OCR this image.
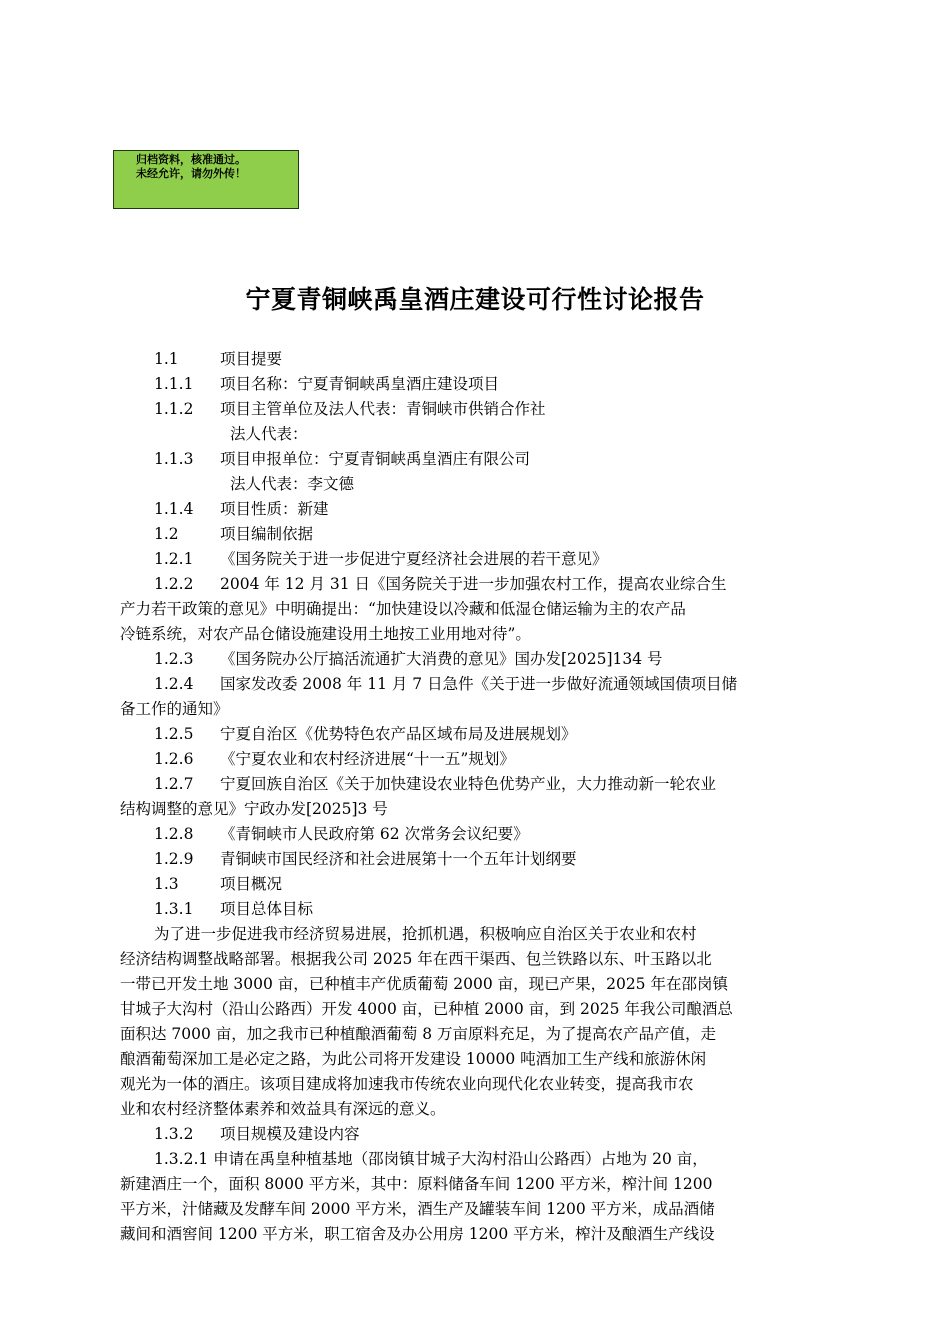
归档资料，核准通过。
未经允许，请勿外传！
宁夏青铜峡禹皇酒庄建设可行性讨论报告
1.1	项目提要
1.1.1 项目名称：宁夏青铜峡禹皇酒庄建设项目
1.1.2 项目主管单位及法人代表：青铜峡市供销合作社
法人代表：
1.1.3 项目申报单位：宁夏青铜峡禹皇酒庄有限公司
法人代表：李文德
1.1.4 项目性质：新建
1.2	项目编制依据
1.2.1 《国务院关于进一步促进宁夏经济社会进展的若干意见》
1.2.2 2004 年 12 月 31 日《国务院关于进一步加强农村工作，提高农业综合生
产力若干政策的意见》中明确提出：“加快建设以冷藏和低湿仓储运输为主的农产品
冷链系统，对农产品仓储设施建设用土地按工业用地对待”。
1.2.3 《国务院办公厅搞活流通扩大消费的意见》国办发[2025]134 号
1.2.4 国家发改委 2008 年 11 月 7 日急件《关于进一步做好流通领域国债项目储
备工作的通知》
1.2.5 宁夏自治区《优势特色农产品区域布局及进展规划》
1.2.6 《宁夏农业和农村经济进展“十一五”规划》
1.2.7 宁夏回族自治区《关于加快建设农业特色优势产业，大力推动新一轮农业
结构调整的意见》宁政办发[2025]3 号
1.2.8 《青铜峡市人民政府第 62 次常务会议纪要》
1.2.9 青铜峡市国民经济和社会进展第十一个五年计划纲要
1.3	项目概况
1.3.1 项目总体目标
为了进一步促进我市经济贸易进展，抢抓机遇，积极响应自治区关于农业和农村
经济结构调整战略部署。根据我公司 2025 年在西干渠西、包兰铁路以东、叶玉路以北
一带已开发土地 3000 亩，已种植丰产优质葡萄 2000 亩，现已产果，2025 年在邵岗镇
甘城子大沟村（沿山公路西）开发 4000 亩，已种植 2000 亩，到 2025 年我公司酿酒总
面积达 7000 亩，加之我市已种植酿酒葡萄 8 万亩原料充足，为了提高农产品产值，走
酿酒葡萄深加工是必定之路，为此公司将开发建设 10000 吨酒加工生产线和旅游休闲
观光为一体的酒庄。该项目建成将加速我市传统农业向现代化农业转变，提高我市农
业和农村经济整体素养和效益具有深远的意义。
1.3.2 项目规模及建设内容
1.3.2.1 申请在禹皇种植基地（邵岗镇甘城子大沟村沿山公路西）占地为 20 亩，
新建酒庄一个，面积 8000 平方米，其中：原料储备车间 1200 平方米，榨汁间 1200
平方米，汁储藏及发酵车间 2000 平方米，酒生产及罐装车间 1200 平方米，成品酒储
藏间和酒窖间 1200 平方米，职工宿舍及办公用房 1200 平方米，榨汁及酿酒生产线设
